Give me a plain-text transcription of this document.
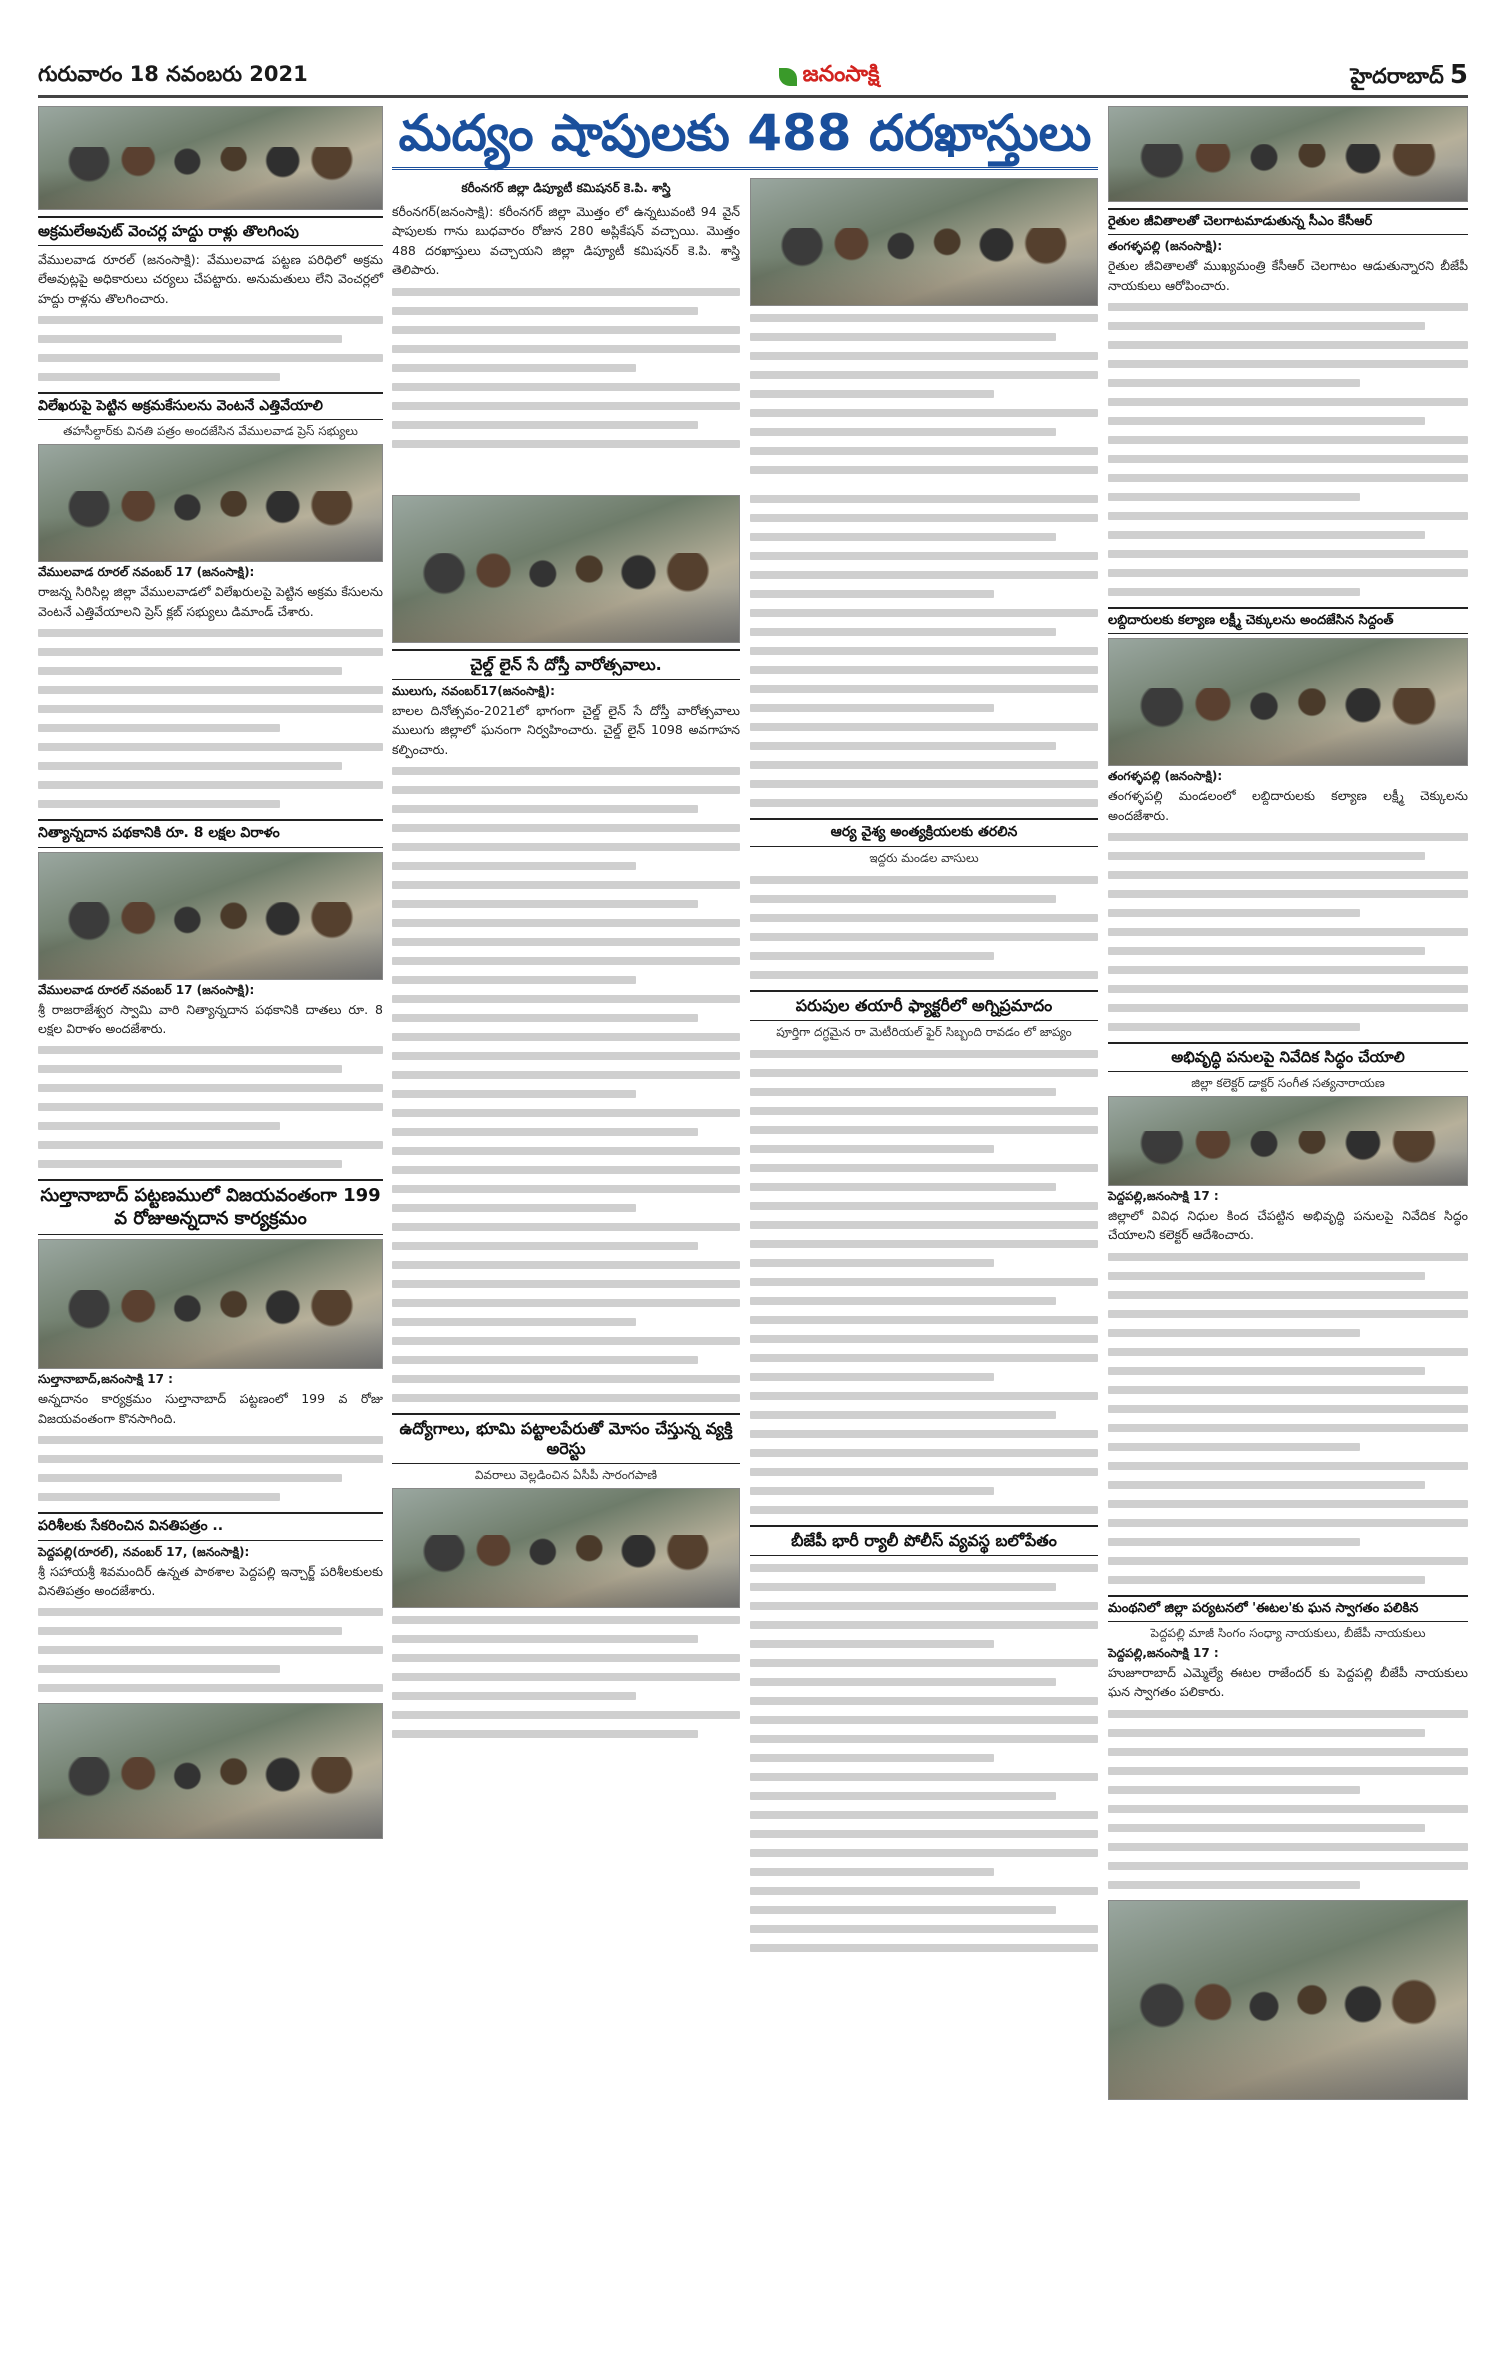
గురువారం 18 నవంబరు 2021	జనంసాక్షి	హైదరాబాద్ 5
అక్రమలేఅవుట్ వెంచర్ల హద్దు రాళ్లు తొలగింపు
వేములవాడ రూరల్ (జనంసాక్షి): వేములవాడ పట్టణ పరిధిలో అక్రమ లేఅవుట్లపై అధికారులు చర్యలు చేపట్టారు. అనుమతులు లేని వెంచర్లలో హద్దు రాళ్లను తొలగించారు.
విలేఖరుపై పెట్టిన అక్రమకేసులను వెంటనే ఎత్తివేయాలి
తహసీల్దార్‌కు వినతి పత్రం అందజేసిన వేములవాడ ప్రెస్ సభ్యులు
వేములవాడ రూరల్ నవంబర్ 17 (జనంసాక్షి):
రాజన్న సిరిసిల్ల జిల్లా వేములవాడలో విలేఖరులపై పెట్టిన అక్రమ కేసులను వెంటనే ఎత్తివేయాలని ప్రెస్ క్లబ్ సభ్యులు డిమాండ్ చేశారు.
నిత్యాన్నదాన పథకానికి రూ. 8 లక్షల విరాళం
వేములవాడ రూరల్ నవంబర్ 17 (జనంసాక్షి):
శ్రీ రాజరాజేశ్వర స్వామి వారి నిత్యాన్నదాన పథకానికి దాతలు రూ. 8 లక్షల విరాళం అందజేశారు.
సుల్తానాబాద్ పట్టణములో విజయవంతంగా 199 వ రోజుఅన్నదాన కార్యక్రమం
సుల్తానాబాద్,జనంసాక్షి 17 :
అన్నదానం కార్యక్రమం సుల్తానాబాద్ పట్టణంలో 199 వ రోజు విజయవంతంగా కొనసాగింది.
పరిశీలకు సేకరించిన వినతిపత్రం ..
పెద్దపల్లి(రూరల్), నవంబర్ 17, (జనంసాక్షి):
శ్రీ సహాయశ్రీ శివమందిర్ ఉన్నత పాఠశాల పెద్దపల్లి ఇన్చార్జ్ పరిశీలకులకు వినతిపత్రం అందజేశారు.
మద్యం షాపులకు 488 దరఖాస్తులు
కరీంనగర్ జిల్లా డిప్యూటీ కమిషనర్ కె.పి. శాస్త్రి
కరీంనగర్(జనంసాక్షి): కరీంనగర్ జిల్లా మొత్తం లో ఉన్నటువంటి 94 వైన్ షాపులకు గాను బుధవారం రోజున 280 అప్లికేషన్ వచ్చాయి. మొత్తం 488 దరఖాస్తులు వచ్చాయని జిల్లా డిప్యూటీ కమిషనర్ కె.పి. శాస్త్రి తెలిపారు.
చైల్డ్ లైన్ సే దోస్తీ వారోత్సవాలు.
ములుగు, నవంబర్17(జనంసాక్షి):
బాలల దినోత్సవం-2021లో భాగంగా చైల్డ్ లైన్ సే దోస్తీ వారోత్సవాలు ములుగు జిల్లాలో ఘనంగా నిర్వహించారు. చైల్డ్ లైన్ 1098 అవగాహన కల్పించారు.
ఉద్యోగాలు, భూమి పట్టాలపేరుతో మోసం చేస్తున్న వ్యక్తి అరెస్టు
వివరాలు వెల్లడించిన ఏసీపీ సారంగపాణి
ఆర్య వైశ్య అంత్యక్రియలకు తరలిన
ఇద్దరు మండల వాసులు
పరుపుల తయారీ ఫ్యాక్టరీలో అగ్నిప్రమాదం
పూర్తిగా దగ్ధమైన రా మెటీరియల్ ఫైర్ సిబ్బంది రావడం లో జాప్యం
బీజేపీ భారీ ర్యాలీ పోలీస్ వ్యవస్థ బలోపేతం
రైతుల జీవితాలతో చెలగాటమాడుతున్న సీఎం కేసీఆర్
తంగళ్ళపల్లి (జనంసాక్షి):
రైతుల జీవితాలతో ముఖ్యమంత్రి కేసీఆర్ చెలగాటం ఆడుతున్నారని బీజేపీ నాయకులు ఆరోపించారు.
లబ్దిదారులకు కల్యాణ లక్ష్మీ చెక్కులను అందజేసిన సిద్దంత్
తంగళ్ళపల్లి (జనంసాక్షి):
తంగళ్ళపల్లి మండలంలో లబ్దిదారులకు కల్యాణ లక్ష్మీ చెక్కులను అందజేశారు.
అభివృద్ధి పనులపై నివేదిక సిద్ధం చేయాలి
జిల్లా కలెక్టర్ డాక్టర్ సంగీత సత్యనారాయణ
పెద్దపల్లి,జనంసాక్షి 17 :
జిల్లాలో వివిధ నిధుల కింద చేపట్టిన అభివృద్ధి పనులపై నివేదిక సిద్ధం చేయాలని కలెక్టర్ ఆదేశించారు.
మంథనిలో జిల్లా పర్యటనలో 'ఈటల'కు ఘన స్వాగతం పలికిన
పెద్దపల్లి మాజీ సింగం సంధ్యా నాయకులు, బీజేపీ నాయకులు
పెద్దపల్లి,జనంసాక్షి 17 :
హుజూరాబాద్ ఎమ్మెల్యే ఈటల రాజేందర్ కు పెద్దపల్లి బీజేపీ నాయకులు ఘన స్వాగతం పలికారు.
